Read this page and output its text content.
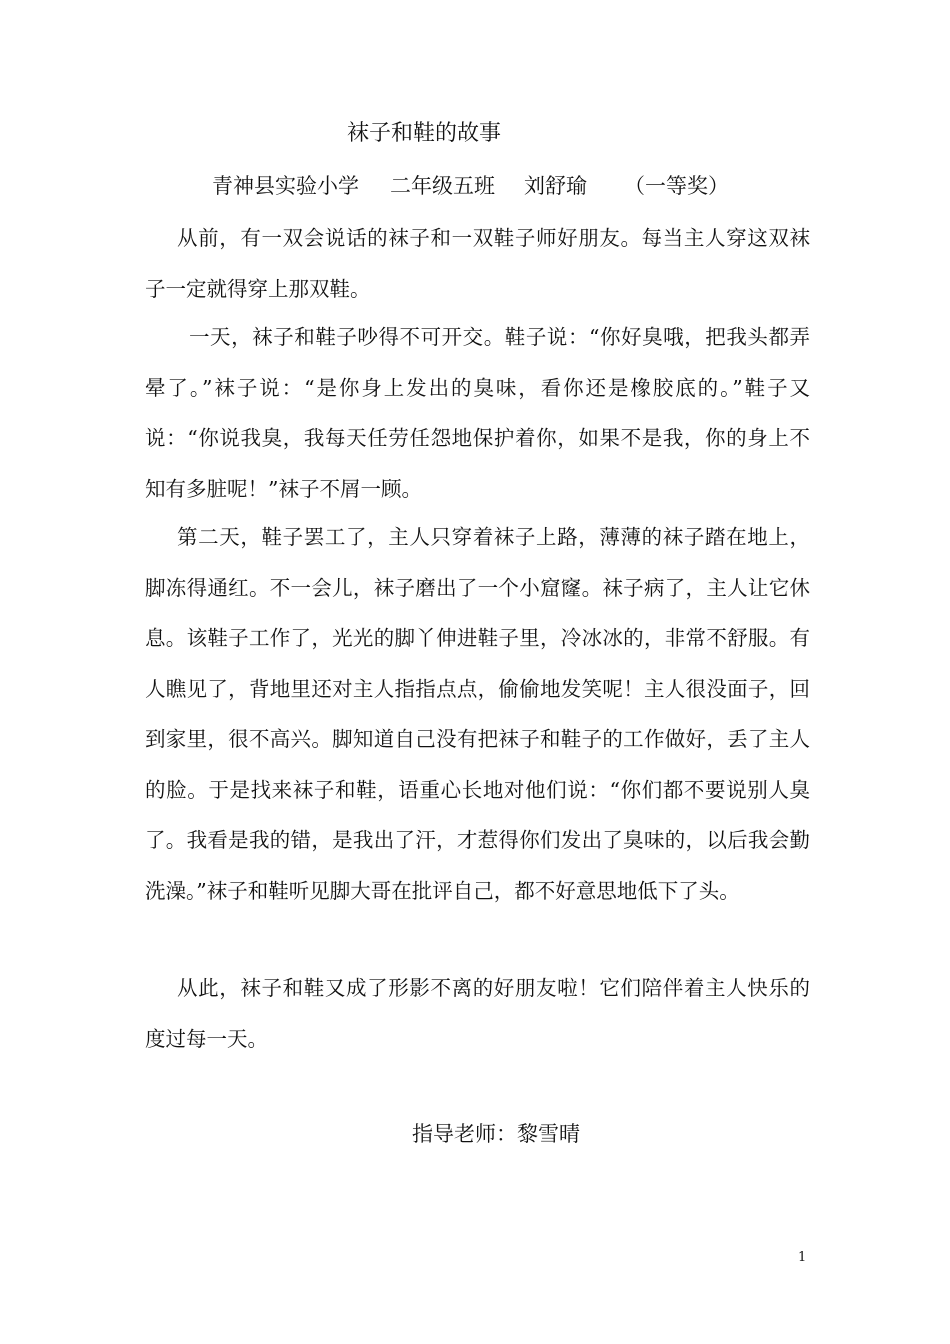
袜子和鞋的故事
青神县实验小学 二年级五班 刘舒瑜 （一等奖）

从前，有一双会说话的袜子和一双鞋子师好朋友。每当主人穿这双袜子一定就得穿上那双鞋。

一天，袜子和鞋子吵得不可开交。鞋子说：“你好臭哦，把我头都弄晕了。”袜子说：“是你身上发出的臭味，看你还是橡胶底的。”鞋子又说：“你说我臭，我每天任劳任怨地保护着你，如果不是我，你的身上不知有多脏呢！”袜子不屑一顾。

第二天，鞋子罢工了，主人只穿着袜子上路，薄薄的袜子踏在地上，脚冻得通红。不一会儿，袜子磨出了一个小窟窿。袜子病了，主人让它休息。该鞋子工作了，光光的脚丫伸进鞋子里，冷冰冰的，非常不舒服。有人瞧见了，背地里还对主人指指点点，偷偷地发笑呢！主人很没面子，回到家里，很不高兴。脚知道自己没有把袜子和鞋子的工作做好，丢了主人的脸。于是找来袜子和鞋，语重心长地对他们说：“你们都不要说别人臭了。我看是我的错，是我出了汗，才惹得你们发出了臭味的，以后我会勤洗澡。”袜子和鞋听见脚大哥在批评自己，都不好意思地低下了头。

从此，袜子和鞋又成了形影不离的好朋友啦！它们陪伴着主人快乐的度过每一天。

指导老师：黎雪晴
1
